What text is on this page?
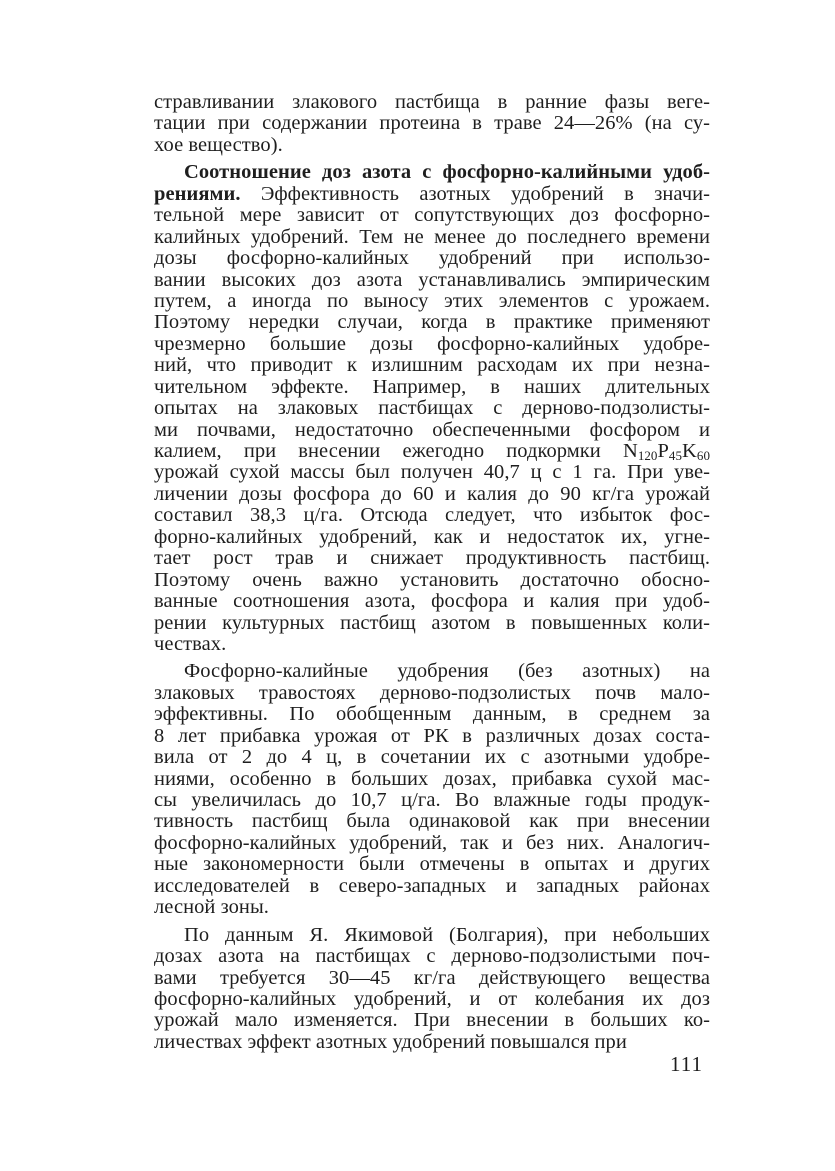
стравливании злакового пастбища в ранние фазы веге-
тации при содержании протеина в траве 24—26% (на су-
хое вещество).
Соотношение доз азота с фосфорно-калийными удоб-
рениями. Эффективность азотных удобрений в значи-
тельной мере зависит от сопутствующих доз фосфорно-
калийных удобрений. Тем не менее до последнего времени
дозы фосфорно-калийных удобрений при использо-
вании высоких доз азота устанавливались эмпирическим
путем, а иногда по выносу этих элементов с урожаем.
Поэтому нередки случаи, когда в практике применяют
чрезмерно большие дозы фосфорно-калийных удобре-
ний, что приводит к излишним расходам их при незна-
чительном эффекте. Например, в наших длительных
опытах на злаковых пастбищах с дерново-подзолисты-
ми почвами, недостаточно обеспеченными фосфором и
калием, при внесении ежегодно подкормки $N_{120}P_{45}K_{60}$
урожай сухой массы был получен 40,7 ц с 1 га. При уве-
личении дозы фосфора до 60 и калия до 90 кг/га урожай
составил 38,3 ц/га. Отсюда следует, что избыток фос-
форно-калийных удобрений, как и недостаток их, угне-
тает рост трав и снижает продуктивность пастбищ.
Поэтому очень важно установить достаточно обосно-
ванные соотношения азота, фосфора и калия при удоб-
рении культурных пастбищ азотом в повышенных коли-
чествах.
Фосфорно-калийные удобрения (без азотных) на
злаковых травостоях дерново-подзолистых почв мало-
эффективны. По обобщенным данным, в среднем за
8 лет прибавка урожая от РК в различных дозах соста-
вила от 2 до 4 ц, в сочетании их с азотными удобре-
ниями, особенно в больших дозах, прибавка сухой мас-
сы увеличилась до 10,7 ц/га. Во влажные годы продук-
тивность пастбищ была одинаковой как при внесении
фосфорно-калийных удобрений, так и без них. Аналогич-
ные закономерности были отмечены в опытах и других
исследователей в северо-западных и западных районах
лесной зоны.
По данным Я. Якимовой (Болгария), при небольших
дозах азота на пастбищах с дерново-подзолистыми поч-
вами требуется 30—45 кг/га действующего вещества
фосфорно-калийных удобрений, и от колебания их доз
урожай мало изменяется. При внесении в больших ко-
личествах эффект азотных удобрений повышался при
111
